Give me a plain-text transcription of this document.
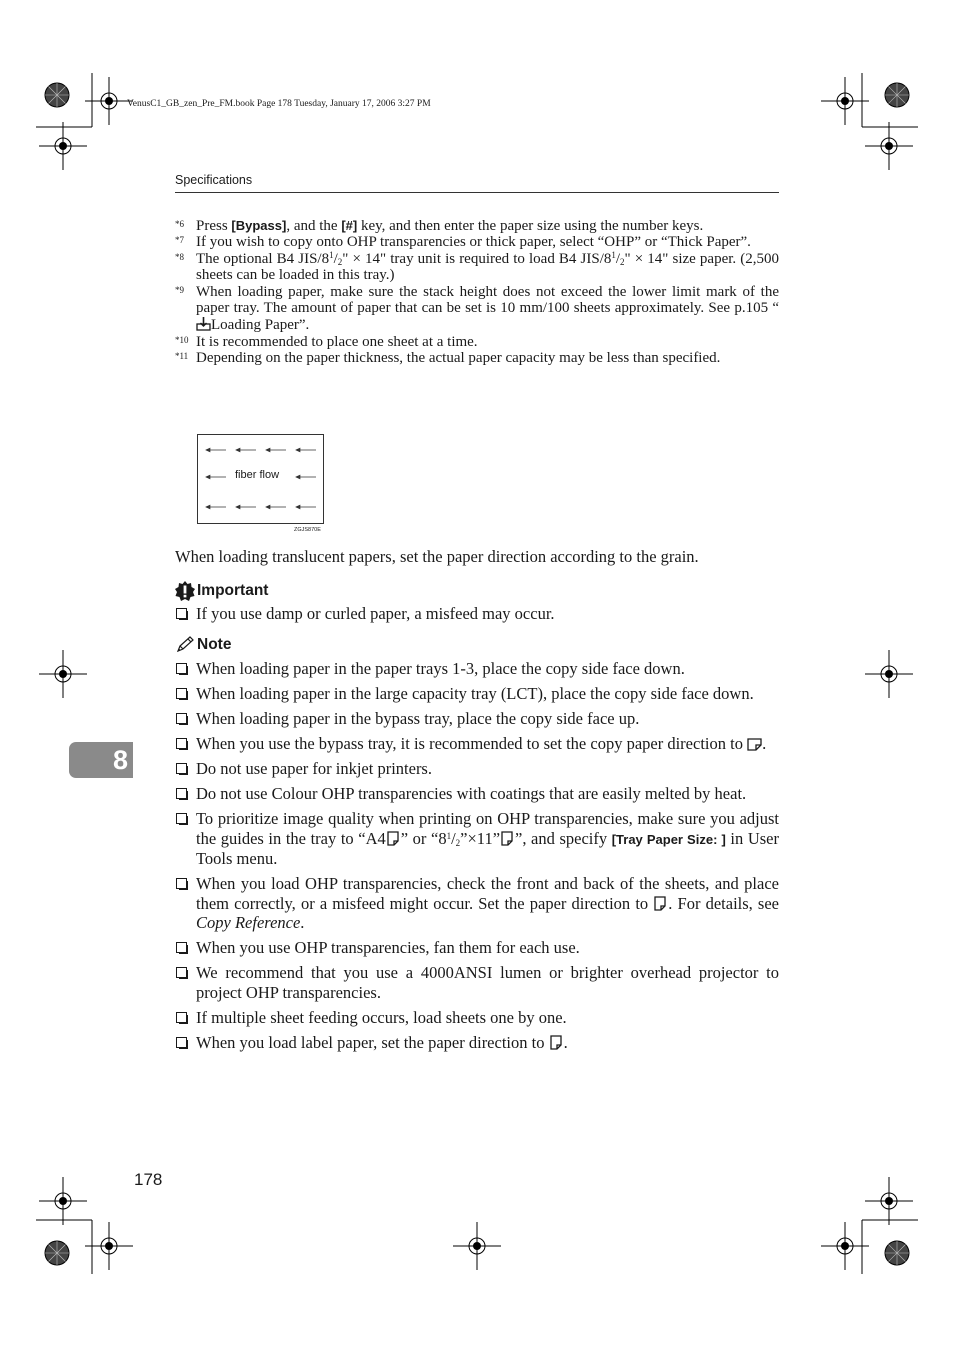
VenusC1_GB_zen_Pre_FM.book Page 178 Tuesday, January 17, 2006 3:27 PM
Specifications
*6 Press [Bypass], and the [#] key, and then enter the paper size using the number keys.
*7 If you wish to copy onto OHP transparencies or thick paper, select “OHP” or “Thick Paper”.
*8 The optional B4 JIS/$8^1/_2$" × 14" tray unit is required to load B4 JIS/$8^1/_2$" × 14" size paper. (2,500 sheets can be loaded in this tray.)
*9 When loading paper, make sure the stack height does not exceed the lower limit mark of the paper tray. The amount of paper that can be set is 10 mm/100 sheets approximately. See p.105 “Loading Paper”.
*10 It is recommended to place one sheet at a time.
*11 Depending on the paper thickness, the actual paper capacity may be less than specified.
fiber flow
ZGJS870E

When loading translucent papers, set the paper direction according to the grain.

Important
If you use damp or curled paper, a misfeed may occur.
Note
When loading paper in the paper trays 1-3, place the copy side face down.
When loading paper in the large capacity tray (LCT), place the copy side face down.
When loading paper in the bypass tray, place the copy side face up.
When you use the bypass tray, it is recommended to set the copy paper direction to .
Do not use paper for inkjet printers.
Do not use Colour OHP transparencies with coatings that are easily melted by heat.
To prioritize image quality when printing on OHP transparencies, make sure you adjust the guides in the tray to “A4 ” or “$8^1/_2”\times 11$” ”, and specify [Tray Paper Size: ] in User Tools menu.
When you load OHP transparencies, check the front and back of the sheets, and place them correctly, or a misfeed might occur. Set the paper direction to . For details, see Copy Reference.
When you use OHP transparencies, fan them for each use.
We recommend that you use a 4000ANSI lumen or brighter overhead projector to project OHP transparencies.
If multiple sheet feeding occurs, load sheets one by one.
When you load label paper, set the paper direction to .
8
178
